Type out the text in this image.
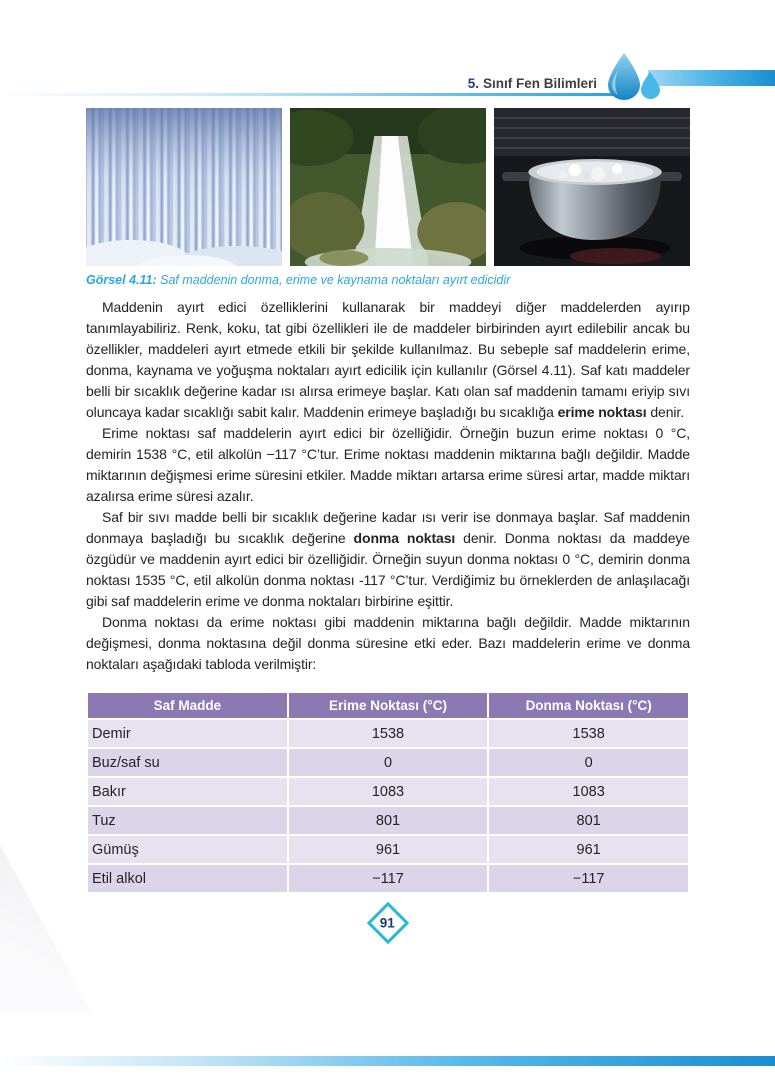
5. Sınıf Fen Bilimleri
Görsel 4.11: Saf maddenin donma, erime ve kaynama noktaları ayırt edicidir

Maddenin ayırt edici özelliklerini kullanarak bir maddeyi diğer maddelerden ayırıp tanımlayabiliriz. Renk, koku, tat gibi özellikleri ile de maddeler birbirinden ayırt edilebilir ancak bu özellikler, maddeleri ayırt etmede etkili bir şekilde kullanılmaz. Bu sebeple saf maddelerin erime, donma, kaynama ve yoğuşma noktaları ayırt edicilik için kullanılır (Görsel 4.11). Saf katı maddeler belli bir sıcaklık değerine kadar ısı alırsa erimeye başlar. Katı olan saf maddenin tamamı eriyip sıvı oluncaya kadar sıcaklığı sabit kalır. Maddenin erimeye başladığı bu sıcaklığa erime noktası denir.

Erime noktası saf maddelerin ayırt edici bir özelliğidir. Örneğin buzun erime noktası 0 °C, demirin 1538 °C, etil alkolün −117 °C’tur. Erime noktası maddenin miktarına bağlı değildir. Madde miktarının değişmesi erime süresini etkiler. Madde miktarı artarsa erime süresi artar, madde miktarı azalırsa erime süresi azalır.

Saf bir sıvı madde belli bir sıcaklık değerine kadar ısı verir ise donmaya başlar. Saf maddenin donmaya başladığı bu sıcaklık değerine donma noktası denir. Donma noktası da maddeye özgüdür ve maddenin ayırt edici bir özelliğidir. Örneğin suyun donma noktası 0 °C, demirin donma noktası 1535 °C, etil alkolün donma noktası -117 °C’tur. Verdiğimiz bu örneklerden de anlaşılacağı gibi saf maddelerin erime ve donma noktaları birbirine eşittir.

Donma noktası da erime noktası gibi maddenin miktarına bağlı değildir. Madde miktarının değişmesi, donma noktasına değil donma süresine etki eder. Bazı maddelerin erime ve donma noktaları aşağıdaki tabloda verilmiştir:

Saf Madde	Erime Noktası (°C)	Donma Noktası (°C)
Demir	1538	1538
Buz/saf su	0	0
Bakır	1083	1083
Tuz	801	801
Gümüş	961	961
Etil alkol	−117	−117
91
